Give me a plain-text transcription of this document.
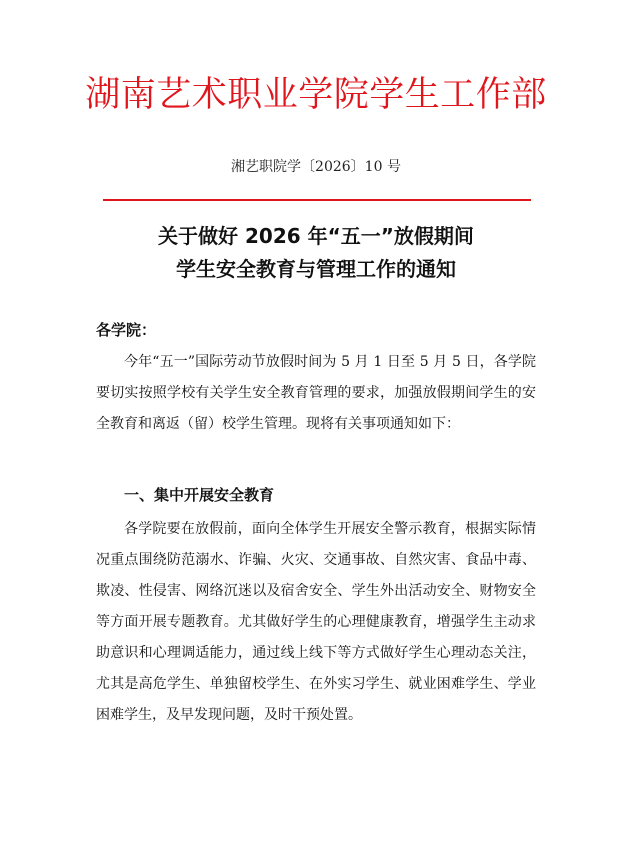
湖南艺术职业学院学生工作部
湘艺职院学〔2026〕10 号
关于做好 2026 年“五一”放假期间
学生安全教育与管理工作的通知
各学院：

今年“五一”国际劳动节放假时间为 5 月 1 日至 5 月 5 日，各学院要切实按照学校有关学生安全教育管理的要求，加强放假期间学生的安全教育和离返（留）校学生管理。现将有关事项通知如下：

一、集中开展安全教育

各学院要在放假前，面向全体学生开展安全警示教育，根据实际情况重点围绕防范溺水、诈骗、火灾、交通事故、自然灾害、食品中毒、欺凌、性侵害、网络沉迷以及宿舍安全、学生外出活动安全、财物安全等方面开展专题教育。尤其做好学生的心理健康教育，增强学生主动求助意识和心理调适能力，通过线上线下等方式做好学生心理动态关注，尤其是高危学生、单独留校学生、在外实习学生、就业困难学生、学业困难学生，及早发现问题，及时干预处置。
